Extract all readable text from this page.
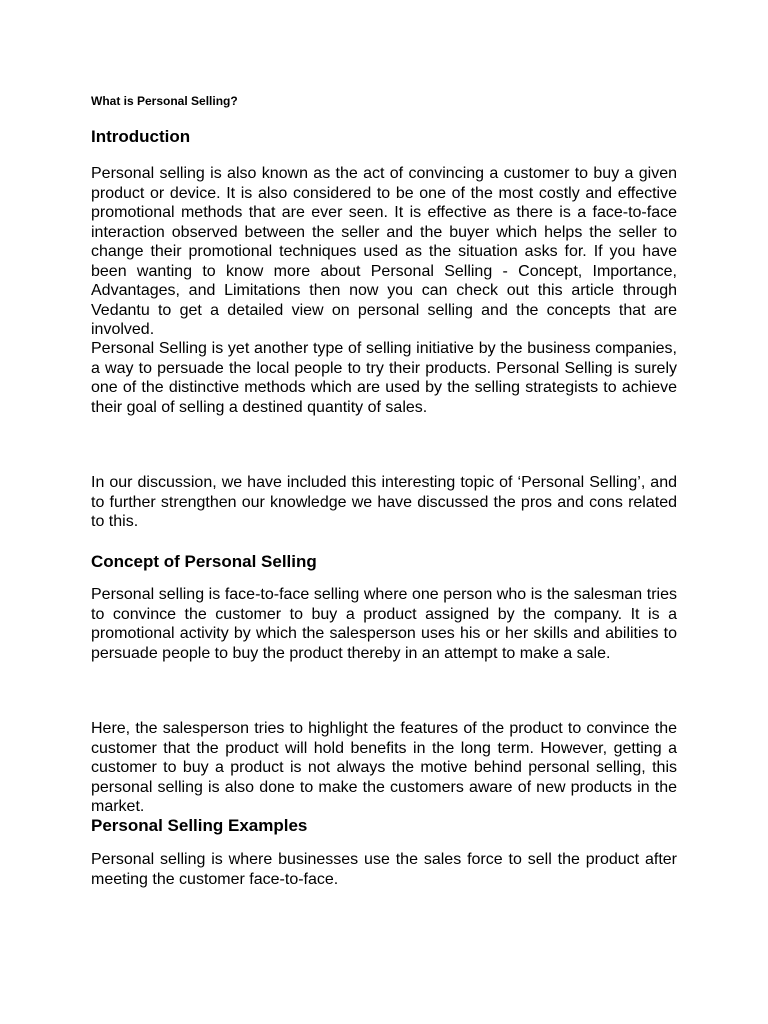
What is Personal Selling?
Introduction

Personal selling is also known as the act of convincing a customer to buy a given product or device. It is also considered to be one of the most costly and effective promotional methods that are ever seen. It is effective as there is a face-to-face interaction observed between the seller and the buyer which helps the seller to change their promotional techniques used as the situation asks for. If you have been wanting to know more about Personal Selling - Concept, Importance, Advantages, and Limitations then now you can check out this article through Vedantu to get a detailed view on personal selling and the concepts that are involved.

Personal Selling is yet another type of selling initiative by the business companies, a way to persuade the local people to try their products. Personal Selling is surely one of the distinctive methods which are used by the selling strategists to achieve their goal of selling a destined quantity of sales.

In our discussion, we have included this interesting topic of ‘Personal Selling’, and to further strengthen our knowledge we have discussed the pros and cons related to this.

Concept of Personal Selling

Personal selling is face-to-face selling where one person who is the salesman tries to convince the customer to buy a product assigned by the company. It is a promotional activity by which the salesperson uses his or her skills and abilities to persuade people to buy the product thereby in an attempt to make a sale.

Here, the salesperson tries to highlight the features of the product to convince the customer that the product will hold benefits in the long term. However, getting a customer to buy a product is not always the motive behind personal selling, this personal selling is also done to make the customers aware of new products in the market.

Personal Selling Examples

Personal selling is where businesses use the sales force to sell the product after meeting the customer face-to-face.
